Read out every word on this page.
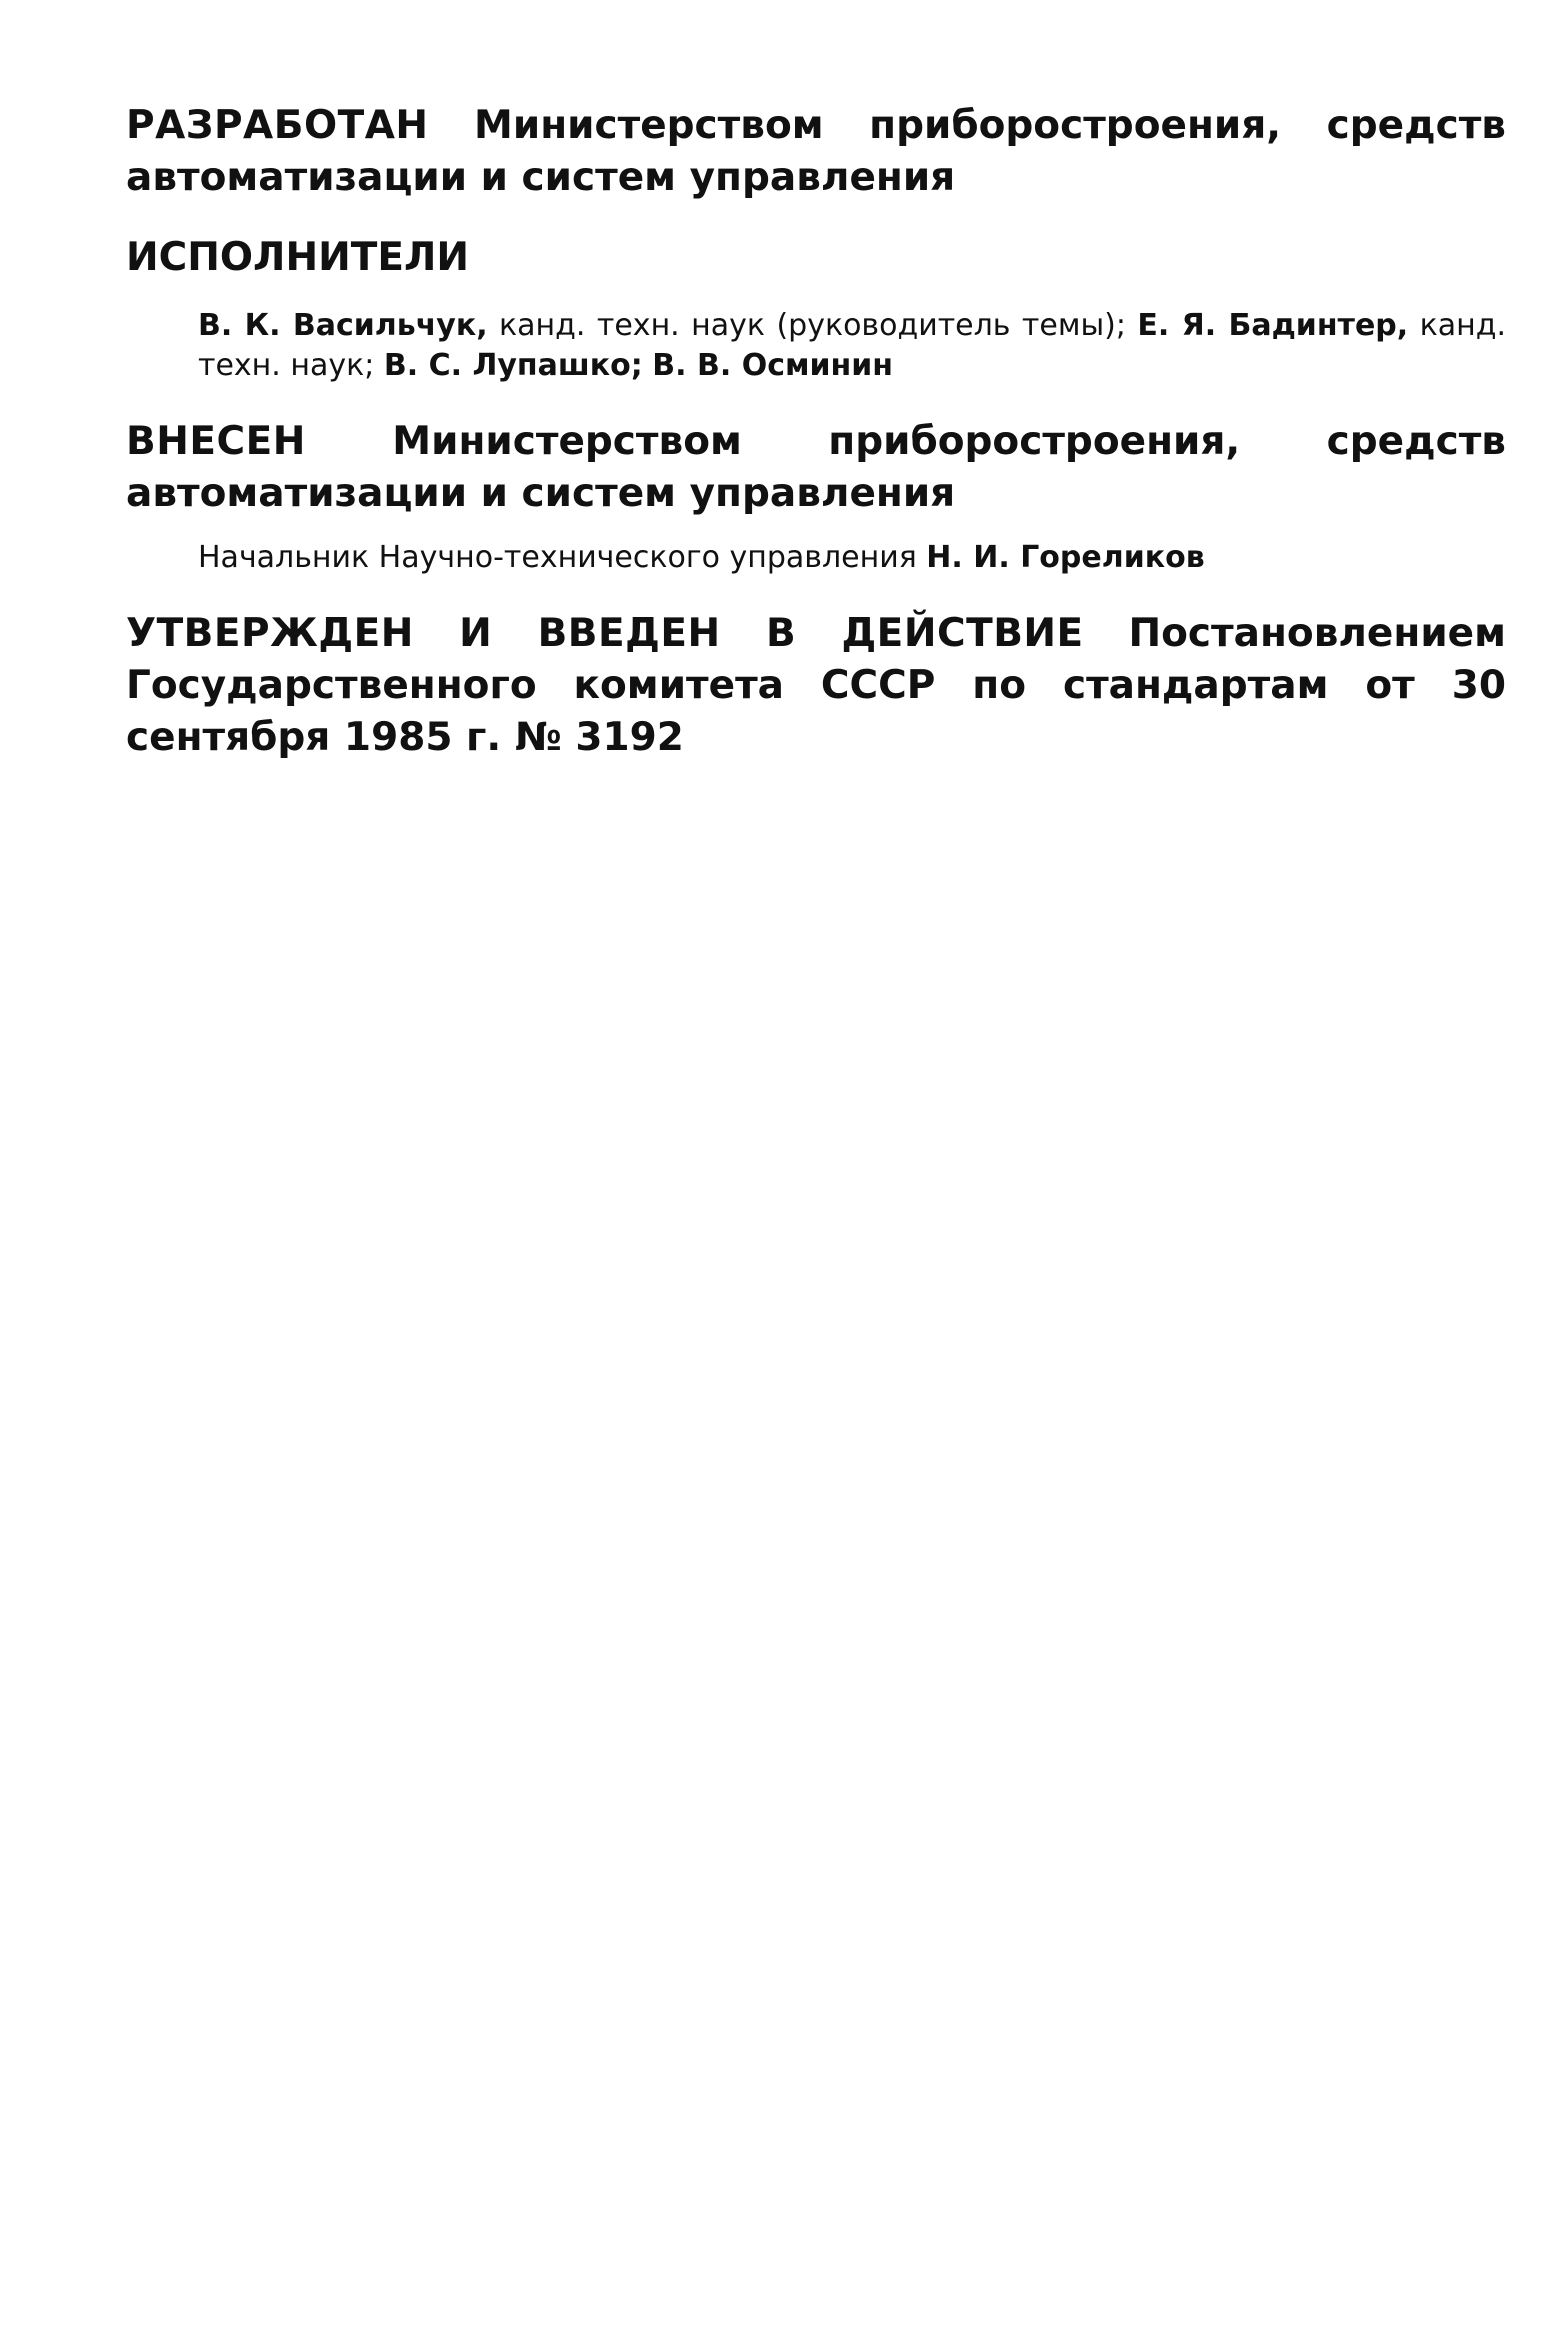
РАЗРАБОТАН Министерством приборостроения, средств автоматизации и систем управления

ИСПОЛНИТЕЛИ

В. К. Васильчук, канд. техн. наук (руководитель темы); Е. Я. Бадинтер, канд. техн. наук; В. С. Лупашко; В. В. Осминин

ВНЕСЕН Министерством приборостроения, средств автоматизации и систем управления

Начальник Научно-технического управления Н. И. Гореликов

УТВЕРЖДЕН И ВВЕДЕН В ДЕЙСТВИЕ Постановлением Государственного комитета СССР по стандартам от 30 сентября 1985 г. № 3192
